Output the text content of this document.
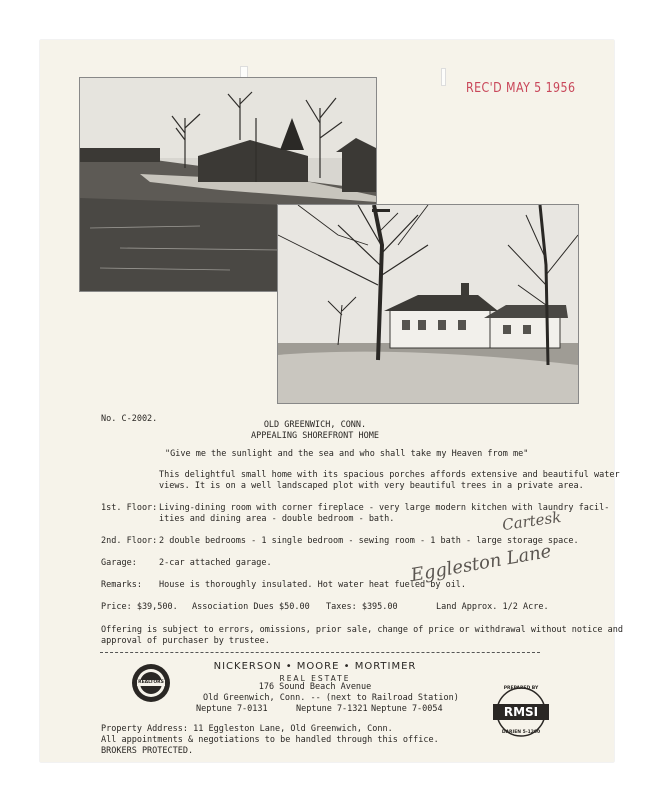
REC'D MAY 5 1956
No. C-2002.
OLD GREENWICH, CONN.
APPEALING SHOREFRONT HOME
"Give me the sunlight and the sea and who shall take my Heaven from me"
This delightful small home with its spacious porches affords extensive and beautiful water
views. It is on a well landscaped plot with very beautiful trees in a private area.
1st. Floor: Living-dining room with corner fireplace - very large modern kitchen with laundry facil-
ities and dining area - double bedroom - bath.
2nd. Floor: 2 double bedrooms - 1 single bedroom - sewing room - 1 bath - large storage space.
Garage:	2-car attached garage.
Remarks: House is thoroughly insulated. Hot water heat fueled by oil.
Cartesk
Eggleston Lane
Price: $39,500. Association Dues $50.00 Taxes: $395.00	Land Approx. 1/2 Acre.
Offering is subject to errors, omissions, prior sale, change of price or withdrawal without notice and
approval of purchaser by trustee.
REALTORS
NICKERSON • MOORE • MORTIMER
REAL ESTATE
176 Sound Beach Avenue
Old Greenwich, Conn. -- (next to Railroad Station)
Neptune 7-0131	Neptune 7-1321 Neptune 7-0054
PREPARED BY
RMSI
DARIEN 5-1200
Property Address: 11 Eggleston Lane, Old Greenwich, Conn.
All appointments & negotiations to be handled through this office.
BROKERS PROTECTED.
